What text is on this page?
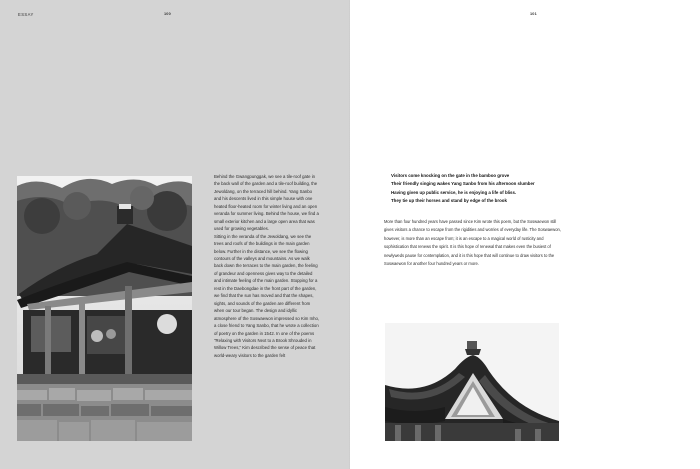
ESSAY	100

Behind the Gwangpunggak, we see a tile-roof gate in the back wall of the garden and a tile-roof building, the Jewoldang, on the terraced hill behind. Yang Sanbo and his descents lived in this simple house with one heated floor-heated room for winter living and an open veranda for summer living. Behind the house, we find a small exterior kitchen and a large open area that was used for growing vegetables.

Sitting in the veranda of the Jewoldang, we see the trees and roofs of the buildings in the main garden below. Further in the distance, we see the flowing contours of the valleys and mountains. As we walk back down the terraces to the main garden, the feeling of grandeur and openness gives way to the detailed and intimate feeling of the main garden. Stopping for a rest in the Daebongdae in the front part of the garden, we find that the sun has moved and that the shapes, sights, and sounds of the garden are different from when our tour began. The design and idyllic atmosphere of the Soswaewon impressed so Kim Inho, a close friend to Yang Sanbo, that he wrote a collection of poetry on the garden in 1542. In one of the poems "Relaxing with Visitors Next to a Brook Shrouded in Willow Trees," Kim described the sense of peace that world-weary visitors to the garden felt

101
Visitors come knocking on the gate in the bamboo grove
Their friendly singing wakes Yang Sanbo from his afternoon slumber
Having given up public service, he is enjoying a life of bliss.
They tie up their horses and stand by edge of the brook

More than four hundred years have passed since Kim wrote this poem, but the Soswaewon still gives visitors a chance to escape from the rigidities and worries of everyday life. The Soswaewon, however, is more than an escape from; it is an escape to a magical world of rusticity and sophistication that renews the spirit. It is this hope of renewal that makes even the busiest of newlyweds pause for contemplation, and it is this hope that will continue to draw visitors to the Soswaewon for another four hundred years or more.
